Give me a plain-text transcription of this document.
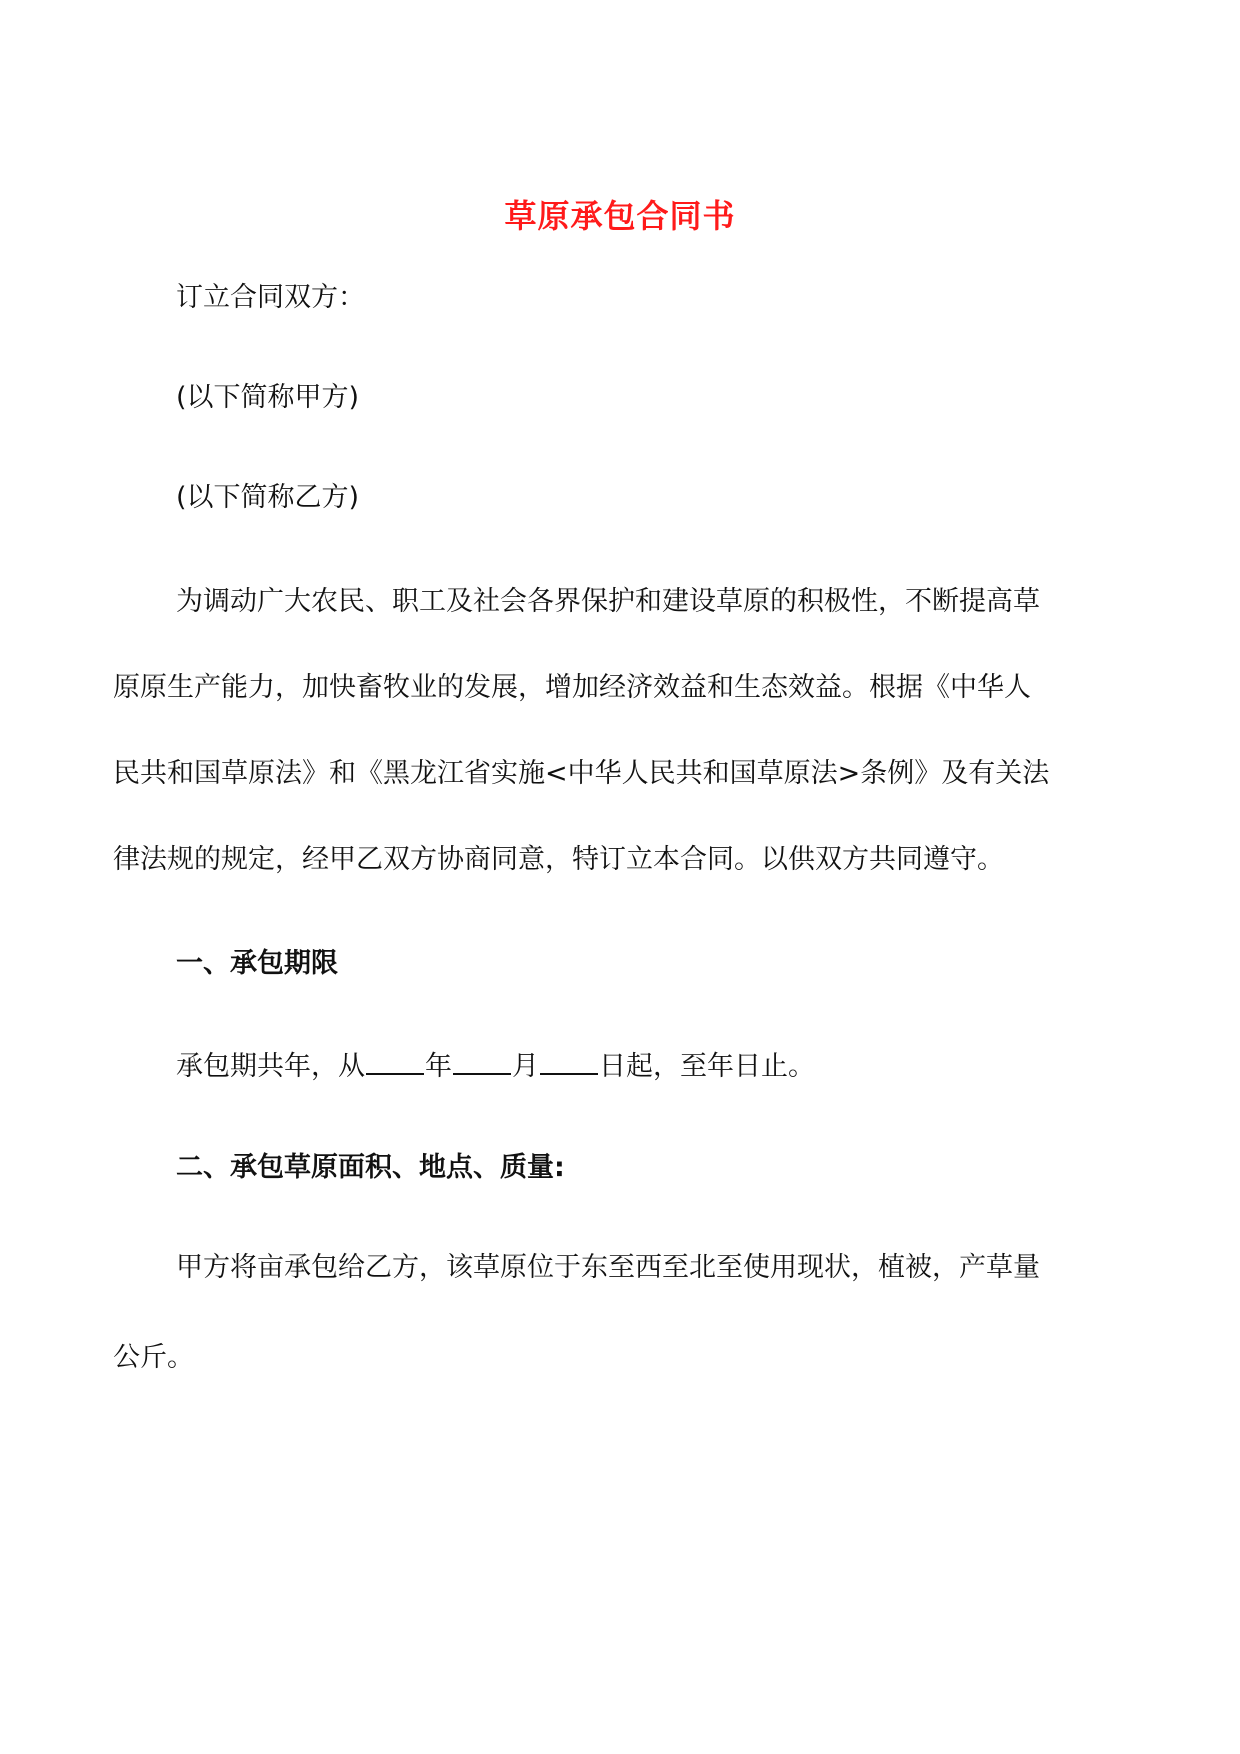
草原承包合同书
订立合同双方：
(以下简称甲方)
(以下简称乙方)
为调动广大农民、职工及社会各界保护和建设草原的积极性，不断提高草
原原生产能力，加快畜牧业的发展，增加经济效益和生态效益。根据《中华人
民共和国草原法》和《黑龙江省实施<中华人民共和国草原法>条例》及有关法
律法规的规定，经甲乙双方协商同意，特订立本合同。以供双方共同遵守。
一、承包期限
承包期共年，从 年 月 日起，至年日止。
二、承包草原面积、地点、质量:
甲方将亩承包给乙方，该草原位于东至西至北至使用现状，植被，产草量
公斤。
